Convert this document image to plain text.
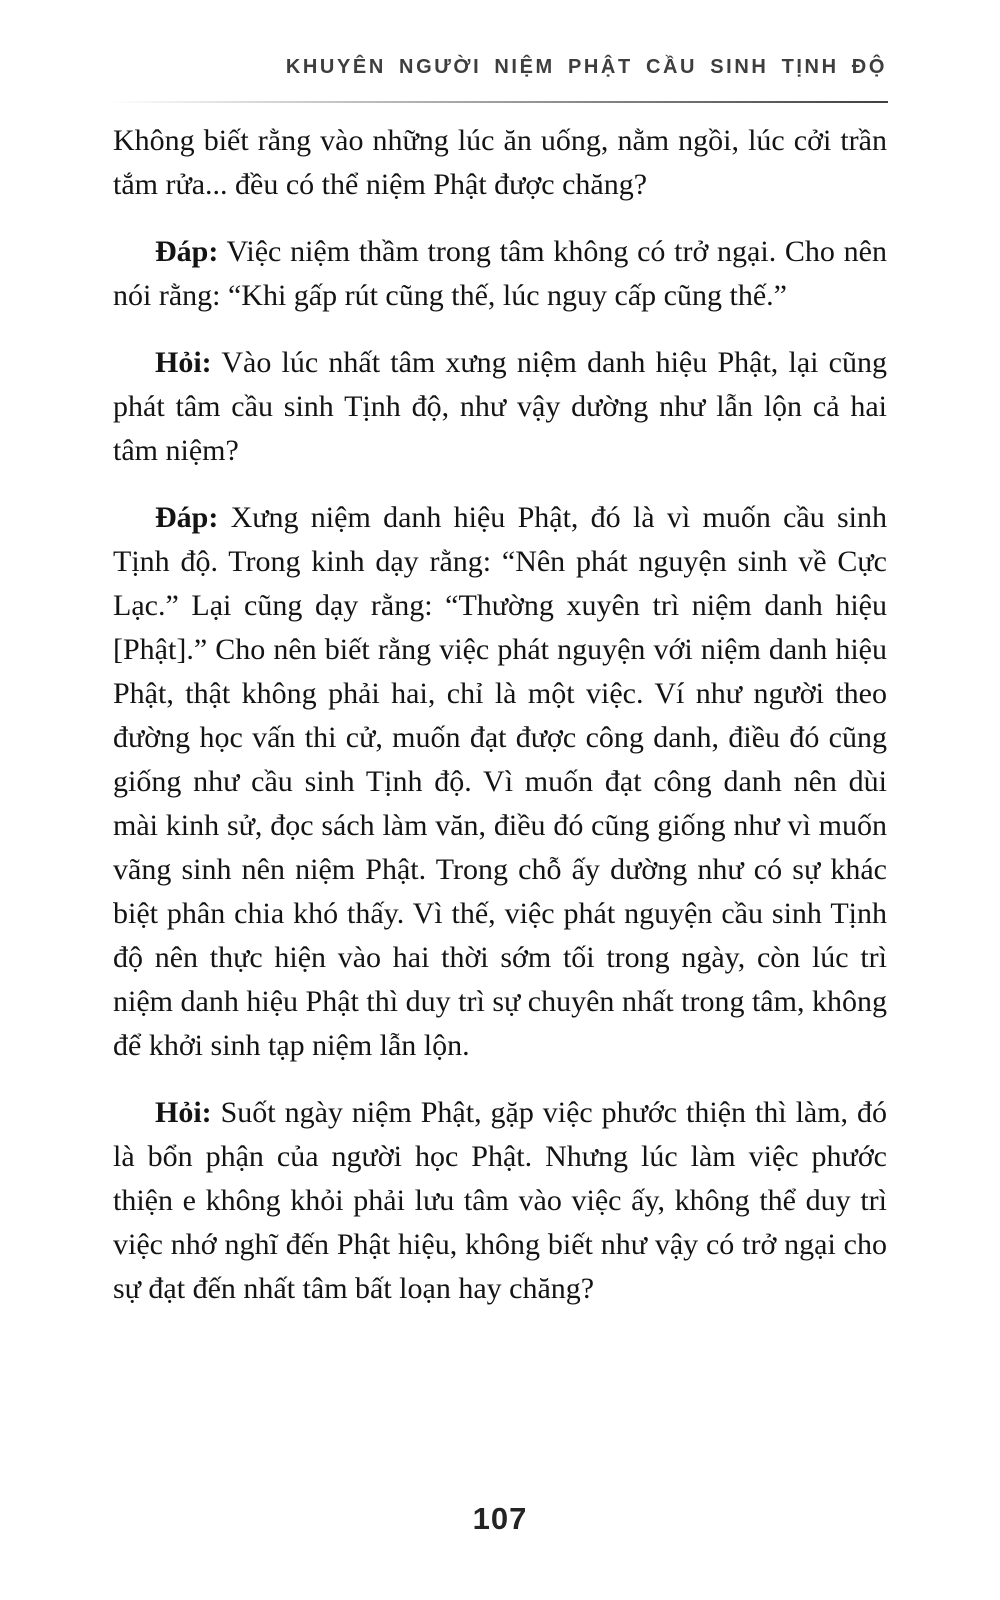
KHUYÊN NGƯỜI NIỆM PHẬT CẦU SINH TỊNH ĐỘ

Không biết rằng vào những lúc ăn uống, nằm ngồi, lúc cởi trần tắm rửa... đều có thể niệm Phật được chăng?

Đáp: Việc niệm thầm trong tâm không có trở ngại. Cho nên nói rằng: “Khi gấp rút cũng thế, lúc nguy cấp cũng thế.”

Hỏi: Vào lúc nhất tâm xưng niệm danh hiệu Phật, lại cũng phát tâm cầu sinh Tịnh độ, như vậy dường như lẫn lộn cả hai tâm niệm?

Đáp: Xưng niệm danh hiệu Phật, đó là vì muốn cầu sinh Tịnh độ. Trong kinh dạy rằng: “Nên phát nguyện sinh về Cực Lạc.” Lại cũng dạy rằng: “Thường xuyên trì niệm danh hiệu [Phật].” Cho nên biết rằng việc phát nguyện với niệm danh hiệu Phật, thật không phải hai, chỉ là một việc. Ví như người theo đường học vấn thi cử, muốn đạt được công danh, điều đó cũng giống như cầu sinh Tịnh độ. Vì muốn đạt công danh nên dùi mài kinh sử, đọc sách làm văn, điều đó cũng giống như vì muốn vãng sinh nên niệm Phật. Trong chỗ ấy dường như có sự khác biệt phân chia khó thấy. Vì thế, việc phát nguyện cầu sinh Tịnh độ nên thực hiện vào hai thời sớm tối trong ngày, còn lúc trì niệm danh hiệu Phật thì duy trì sự chuyên nhất trong tâm, không để khởi sinh tạp niệm lẫn lộn.

Hỏi: Suốt ngày niệm Phật, gặp việc phước thiện thì làm, đó là bổn phận của người học Phật. Nhưng lúc làm việc phước thiện e không khỏi phải lưu tâm vào việc ấy, không thể duy trì việc nhớ nghĩ đến Phật hiệu, không biết như vậy có trở ngại cho sự đạt đến nhất tâm bất loạn hay chăng?

107
